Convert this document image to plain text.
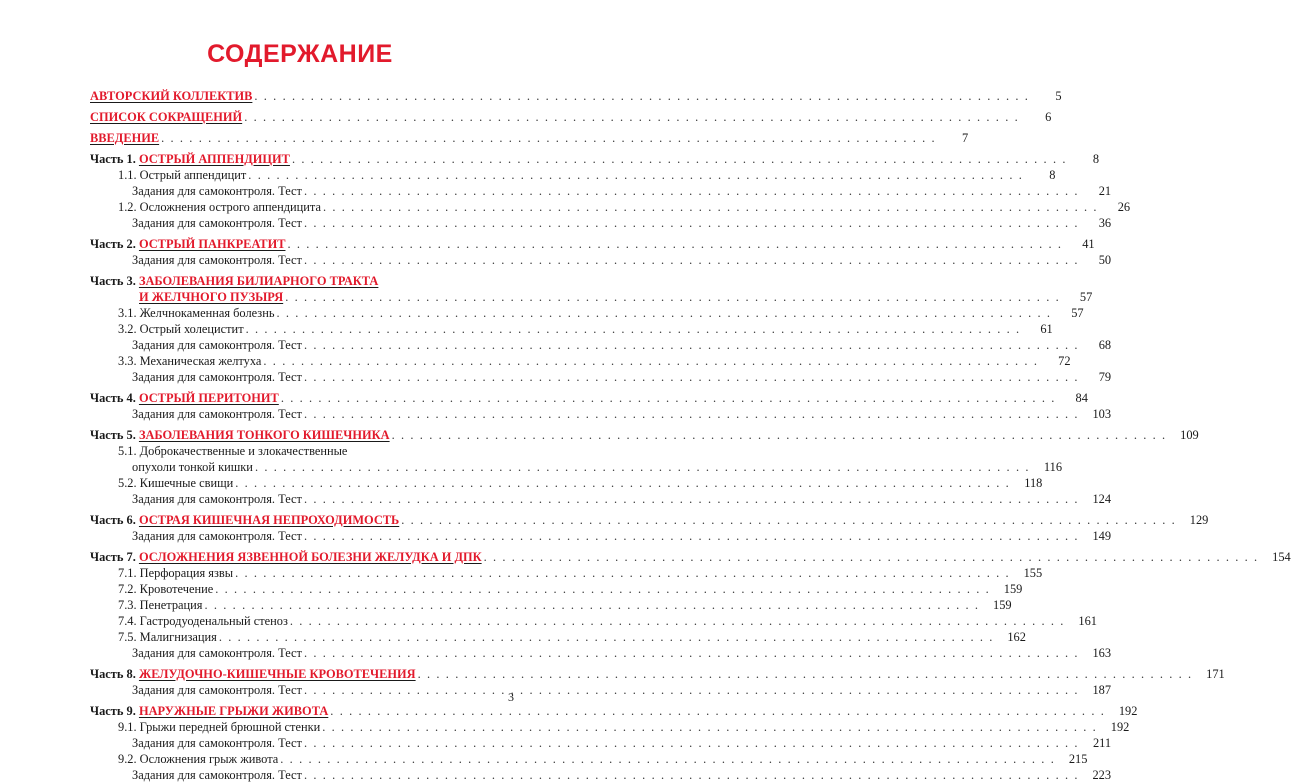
СОДЕРЖАНИЕ
АВТОРСКИЙ КОЛЛЕКТИВ . . .	5
СПИСОК СОКРАЩЕНИЙ . . .	6
ВВЕДЕНИЕ . . .	7
Часть 1. ОСТРЫЙ АППЕНДИЦИТ . . .	8
1.1. Острый аппендицит . . .	8
Задания для самоконтроля. Тест . . .	21
1.2. Осложнения острого аппендицита . . .	26
Задания для самоконтроля. Тест . . .	36
Часть 2. ОСТРЫЙ ПАНКРЕАТИТ . . .	41
Задания для самоконтроля. Тест . . .	50
Часть 3. ЗАБОЛЕВАНИЯ БИЛИАРНОГО ТРАКТА
И ЖЕЛЧНОГО ПУЗЫРЯ . . .	57
3.1. Желчнокаменная болезнь . . .	57
3.2. Острый холецистит . . .	61
Задания для самоконтроля. Тест . . .	68
3.3. Механическая желтуха . . .	72
Задания для самоконтроля. Тест . . .	79
Часть 4. ОСТРЫЙ ПЕРИТОНИТ . . .	84
Задания для самоконтроля. Тест . . .	103
Часть 5. ЗАБОЛЕВАНИЯ ТОНКОГО КИШЕЧНИКА . . .	109
5.1. Доброкачественные и злокачественные
опухоли тонкой кишки . . .	116
5.2. Кишечные свищи . . .	118
Задания для самоконтроля. Тест . . .	124
Часть 6. ОСТРАЯ КИШЕЧНАЯ НЕПРОХОДИМОСТЬ . . .	129
Задания для самоконтроля. Тест . . .	149
Часть 7. ОСЛОЖНЕНИЯ ЯЗВЕННОЙ БОЛЕЗНИ ЖЕЛУДКА И ДПК . . .	154
7.1. Перфорация язвы . . .	155
7.2. Кровотечение . . .	159
7.3. Пенетрация . . .	159
7.4. Гастродуоденальный стеноз . . .	161
7.5. Малигнизация . . .	162
Задания для самоконтроля. Тест . . .	163
Часть 8. ЖЕЛУДОЧНО-КИШЕЧНЫЕ КРОВОТЕЧЕНИЯ . . .	171
Задания для самоконтроля. Тест . . .	187
Часть 9. НАРУЖНЫЕ ГРЫЖИ ЖИВОТА . . .	192
9.1. Грыжи передней брюшной стенки . . .	192
Задания для самоконтроля. Тест . . .	211
9.2. Осложнения грыж живота . . .	215
Задания для самоконтроля. Тест . . .	223
3
